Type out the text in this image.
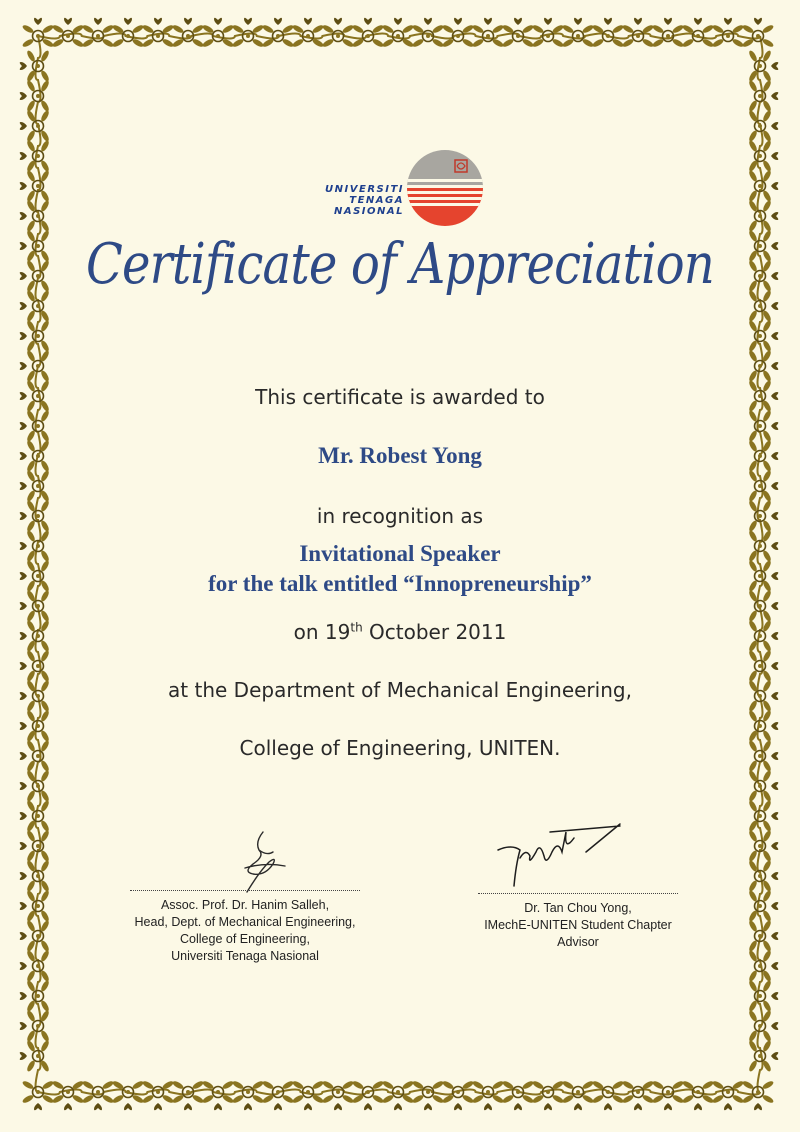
UNIVERSITI
TENAGA
NASIONAL
Certificate of Appreciation
This certificate is awarded to
Mr. Robest Yong
in recognition as
Invitational Speaker
for the talk entitled “Innopreneurship”
on 19th October 2011
at the Department of Mechanical Engineering,
College of Engineering, UNITEN.
Assoc. Prof. Dr. Hanim Salleh,
Head, Dept. of Mechanical Engineering,
College of Engineering,
Universiti Tenaga Nasional
Dr. Tan Chou Yong,
IMechE-UNITEN Student Chapter
Advisor
